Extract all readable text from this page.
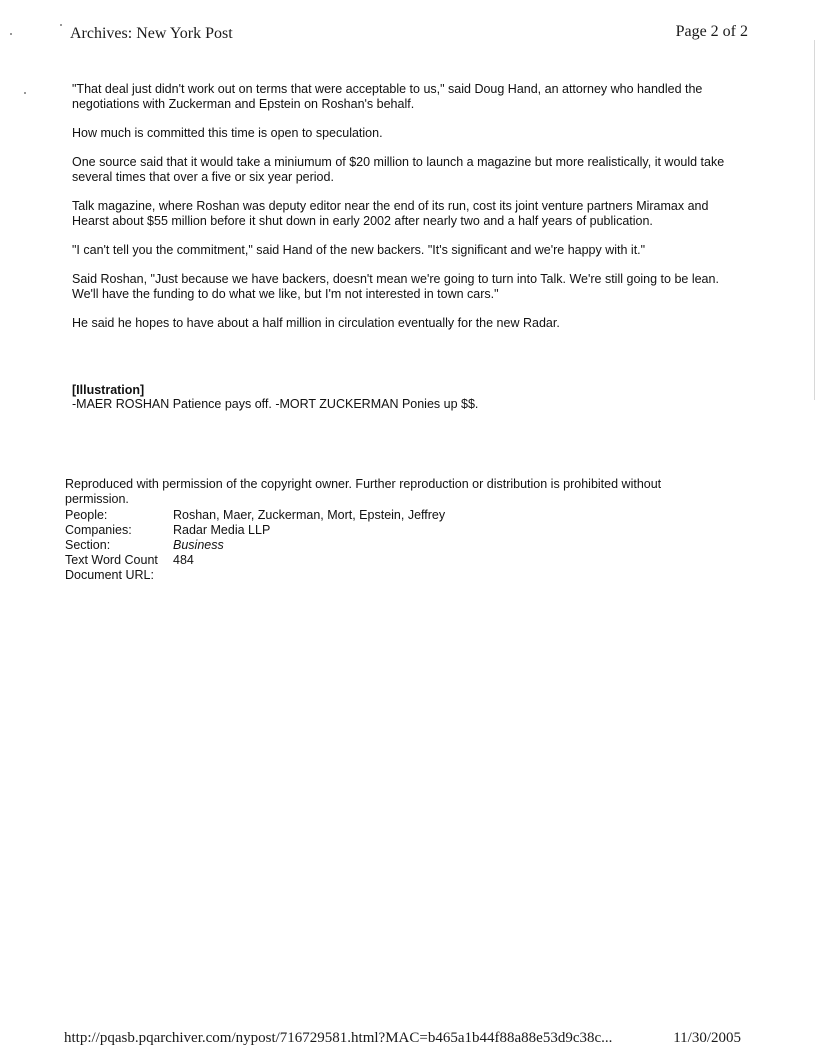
Archives: New York Post	Page 2 of 2

"That deal just didn't work out on terms that were acceptable to us," said Doug Hand, an attorney who handled the negotiations with Zuckerman and Epstein on Roshan's behalf.

How much is committed this time is open to speculation.

One source said that it would take a miniumum of $20 million to launch a magazine but more realistically, it would take several times that over a five or six year period.

Talk magazine, where Roshan was deputy editor near the end of its run, cost its joint venture partners Miramax and Hearst about $55 million before it shut down in early 2002 after nearly two and a half years of publication.

"I can't tell you the commitment," said Hand of the new backers. "It's significant and we're happy with it."

Said Roshan, "Just because we have backers, doesn't mean we're going to turn into Talk. We're still going to be lean. We'll have the funding to do what we like, but I'm not interested in town cars."

He said he hopes to have about a half million in circulation eventually for the new Radar.

[Illustration]
-MAER ROSHAN Patience pays off. -MORT ZUCKERMAN Ponies up $$.
Reproduced with permission of the copyright owner. Further reproduction or distribution is prohibited without permission.
People:	Roshan, Maer, Zuckerman, Mort, Epstein, Jeffrey
Companies:	Radar Media LLP
Section:	Business
Text Word Count	484
Document URL:
http://pqasb.pqarchiver.com/nypost/716729581.html?MAC=b465a1b44f88a88e53d9c38c...	11/30/2005
